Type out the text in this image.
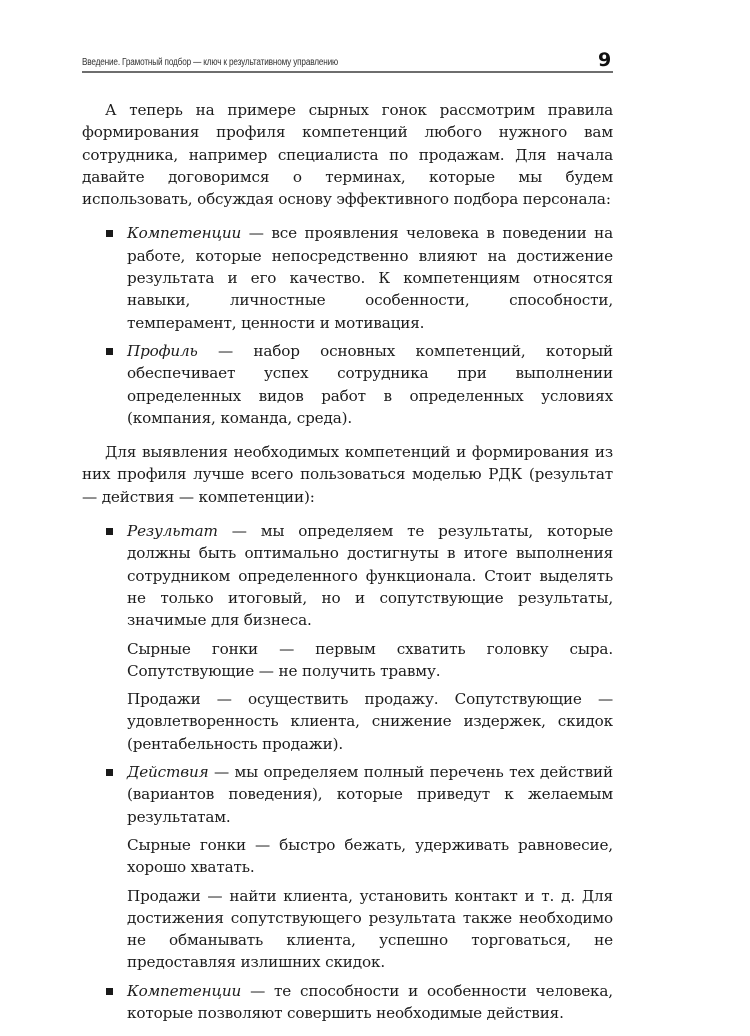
Введение. Грамотный подбор — ключ к результативному управлению	9

А теперь на примере сырных гонок рассмотрим правила формирования профиля компетенций любого нужного вам сотрудника, например специалиста по продажам. Для начала давайте договоримся о терминах, которые мы будем использовать, обсуждая основу эффективного подбора персонала:

Компетенции — все проявления человека в поведении на работе, которые непосредственно влияют на достижение результата и его качество. К компетенциям относятся навыки, личностные особенности, способности, темперамент, ценности и мотивация.
Профиль — набор основных компетенций, который обеспечивает успех сотрудника при выполнении определенных видов работ в определенных условиях (компания, команда, среда).

Для выявления необходимых компетенций и формирования из них профиля лучше всего пользоваться моделью РДК (результат — действия — компетенции):

Результат — мы определяем те результаты, которые должны быть оптимально достигнуты в итоге выполнения сотрудником определенного функционала. Стоит выделять не только итоговый, но и сопутствующие результаты, значимые для бизнеса.

Сырные гонки — первым схватить головку сыра. Сопутствующие — не получить травму.

Продажи — осуществить продажу. Сопутствующие — удовлетворенность клиента, снижение издержек, скидок (рентабельность продажи).

Действия — мы определяем полный перечень тех действий (вариантов поведения), которые приведут к желаемым результатам.

Сырные гонки — быстро бежать, удерживать равновесие, хорошо хватать.

Продажи — найти клиента, установить контакт и т. д. Для достижения сопутствующего результата также необходимо не обманывать клиента, успешно торговаться, не предоставляя излишних скидок.

Компетенции — те способности и особенности человека, которые позволяют совершить необходимые действия.
